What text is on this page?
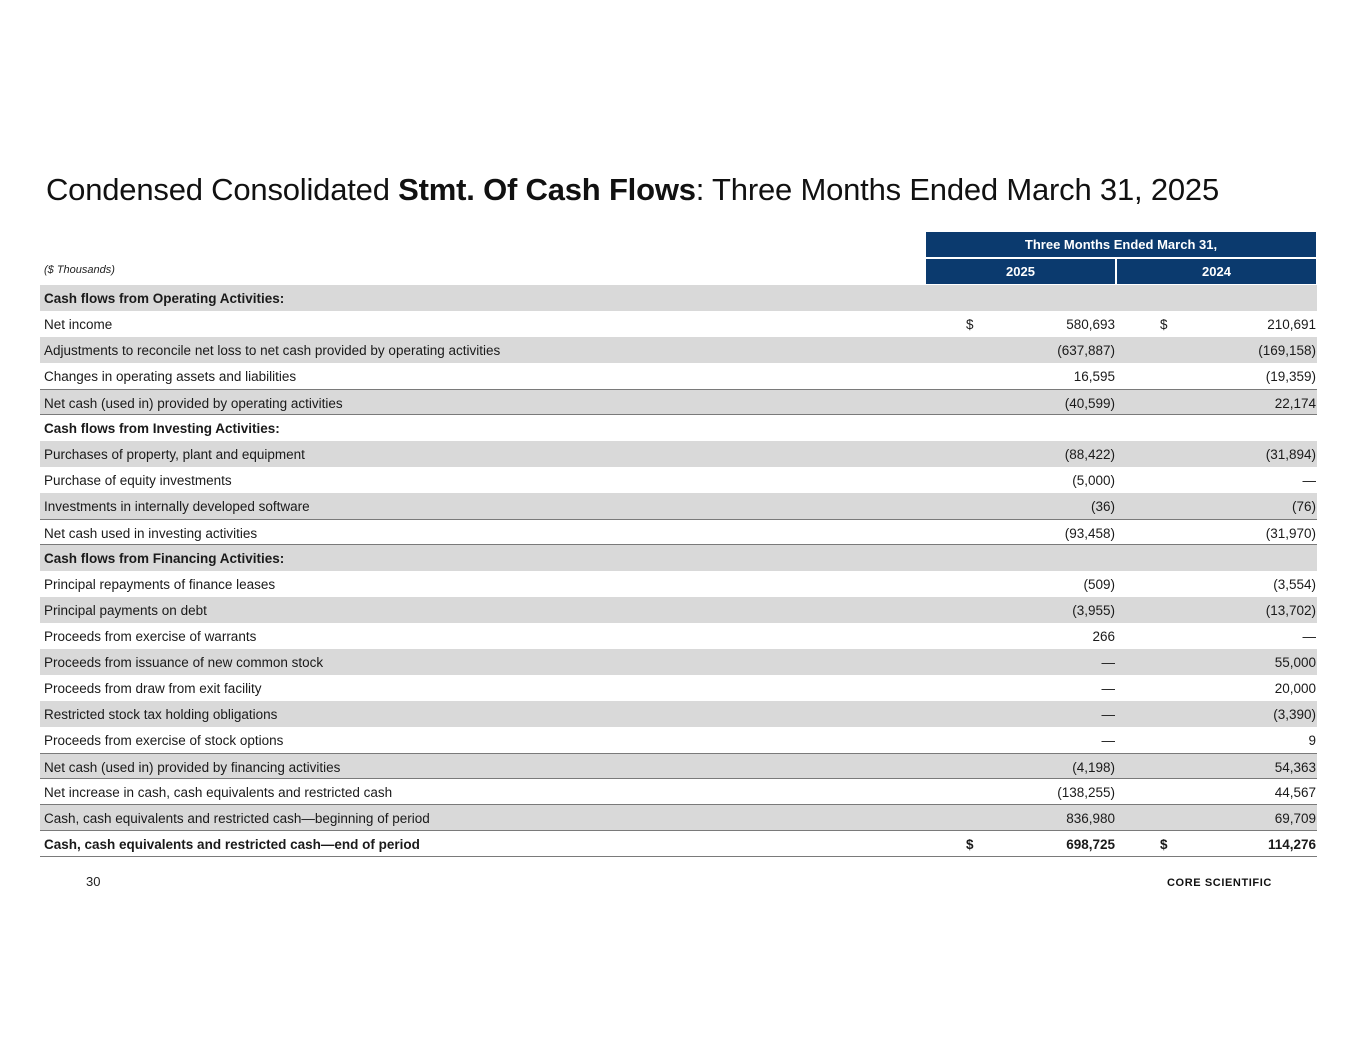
Condensed Consolidated Stmt. Of Cash Flows: Three Months Ended March 31, 2025
Three Months Ended March 31,
2025	2024
($ Thousands)
Cash flows from Operating Activities:
Net income	$	580,693	$	210,691
Adjustments to reconcile net loss to net cash provided by operating activities	(637,887)	(169,158)
Changes in operating assets and liabilities	16,595	(19,359)
Net cash (used in) provided by operating activities	(40,599)	22,174
Cash flows from Investing Activities:
Purchases of property, plant and equipment	(88,422)	(31,894)
Purchase of equity investments	(5,000)	—
Investments in internally developed software	(36)	(76)
Net cash used in investing activities	(93,458)	(31,970)
Cash flows from Financing Activities:
Principal repayments of finance leases	(509)	(3,554)
Principal payments on debt	(3,955)	(13,702)
Proceeds from exercise of warrants	266	—
Proceeds from issuance of new common stock	—	55,000
Proceeds from draw from exit facility	—	20,000
Restricted stock tax holding obligations	—	(3,390)
Proceeds from exercise of stock options	—	9
Net cash (used in) provided by financing activities	(4,198)	54,363
Net increase in cash, cash equivalents and restricted cash	(138,255)	44,567
Cash, cash equivalents and restricted cash—beginning of period	836,980	69,709
Cash, cash equivalents and restricted cash—end of period	$	698,725	$	114,276
30	CORE SCIENTIFIC
